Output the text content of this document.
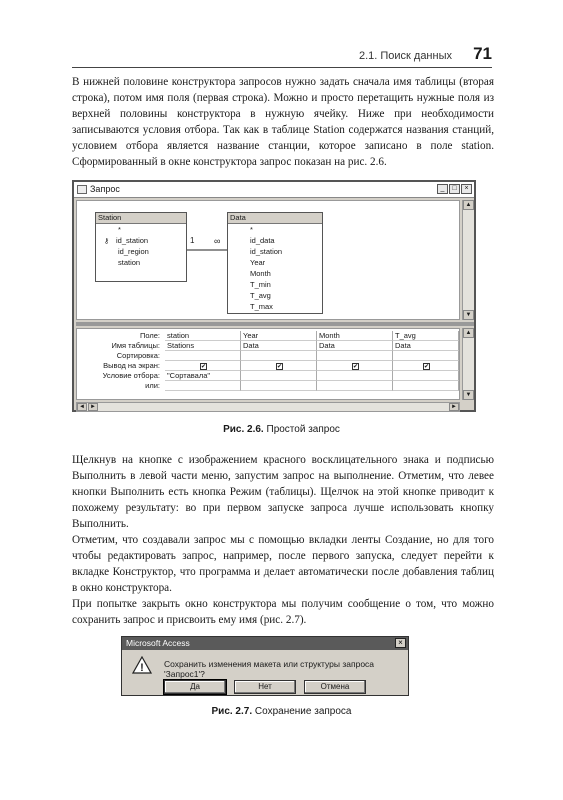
2.1. Поиск данных 71

В нижней половине конструктора запросов нужно задать сначала имя таблицы (вторая строка), потом имя поля (первая строка). Можно и просто перетащить нужные поля из верхней половины конструктора в нужную ячейку. Ниже при необходимости записываются условия отбора. Так как в таблице Station содержатся названия станций, условием отбора является название станции, которое записано в поле station. Сформированный в окне конструктора запрос показан на рис. 2.6.

Запрос	_	□	×
Station
*
⚷ id_station
id_region
station
1 ∞
Data
*
id_data
id_station
Year
Month
T_min
T_avg
T_max
▲
▼
Поле: station	Year	Month	T_avg
Имя таблицы: Stations	Data	Data	Data
Сортировка:
Вывод на экран:	✔	✔	✔	✔
Условие отбора: "Сортавала"
или:
▲
▼
◄ ►	►
Рис. 2.6. Простой запрос

Щелкнув на кнопке с изображением красного восклицательного знака и подписью Выполнить в левой части меню, запустим запрос на выполнение. Отметим, что левее кнопки Выполнить есть кнопка Режим (таблицы). Щелчок на этой кнопке приводит к похожему результату: во при первом запуске запроса лучше использовать кнопку Выполнить.

Отметим, что создавали запрос мы с помощью вкладки ленты Создание, но для того чтобы редактировать запрос, например, после первого запуска, следует перейти к вкладке Конструктор, что программа и делает автоматически после добавления таблиц в окно конструктора.

При попытке закрыть окно конструктора мы получим сообщение о том, что можно сохранить запрос и присвоить ему имя (рис. 2.7).

Microsoft Access	×
! Сохранить изменения макета или структуры запроса 'Запрос1'?
Да	Нет	Отмена
Рис. 2.7. Сохранение запроса
